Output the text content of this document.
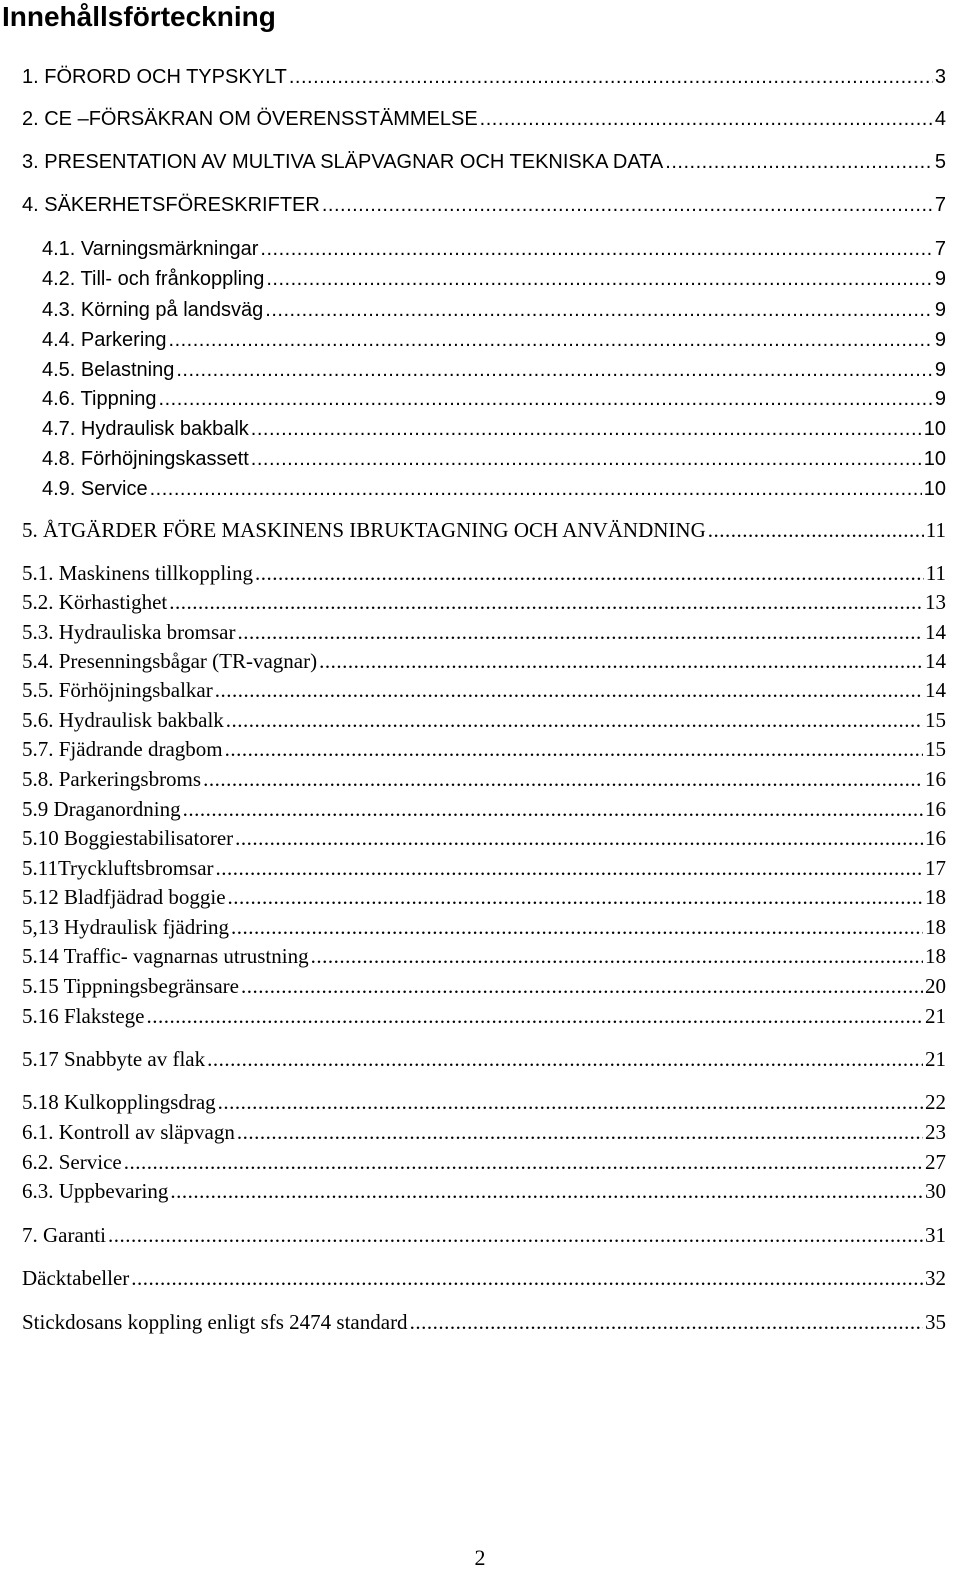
Innehållsförteckning
1. FÖRORD OCH TYPSKYLT .....	3
2. CE –FÖRSÄKRAN OM ÖVERENSSTÄMMELSE .....	4
3. PRESENTATION AV MULTIVA SLÄPVAGNAR OCH TEKNISKA DATA .....	5
4. SÄKERHETSFÖRESKRIFTER .....	7
4.1. Varningsmärkningar .....	7
4.2. Till- och frånkoppling .....	9
4.3. Körning på landsväg .....	9
4.4. Parkering .....	9
4.5. Belastning .....	9
4.6. Tippning .....	9
4.7. Hydraulisk bakbalk .....	10
4.8. Förhöjningskassett .....	10
4.9. Service .....	10
5. ÅTGÄRDER FÖRE MASKINENS IBRUKTAGNING OCH ANVÄNDNING .....	11
5.1. Maskinens tillkoppling .....	11
5.2. Körhastighet .....	13
5.3. Hydrauliska bromsar .....	14
5.4. Presenningsbågar (TR-vagnar) .....	14
5.5. Förhöjningsbalkar .....	14
5.6. Hydraulisk bakbalk .....	15
5.7. Fjädrande dragbom .....	15
5.8. Parkeringsbroms .....	16
5.9 Draganordning .....	16
5.10 Boggiestabilisatorer .....	16
5.11Tryckluftsbromsar .....	17
5.12 Bladfjädrad boggie .....	18
5,13 Hydraulisk fjädring .....	18
5.14 Traffic- vagnarnas utrustning .....	18
5.15 Tippningsbegränsare .....	20
5.16 Flakstege .....	21
5.17 Snabbyte av flak .....	21
5.18 Kulkopplingsdrag .....	22
6.1. Kontroll av släpvagn .....	23
6.2. Service .....	27
6.3. Uppbevaring .....	30
7. Garanti .....	31
Däcktabeller .....	32
Stickdosans koppling enligt sfs 2474 standard .....	35
2
